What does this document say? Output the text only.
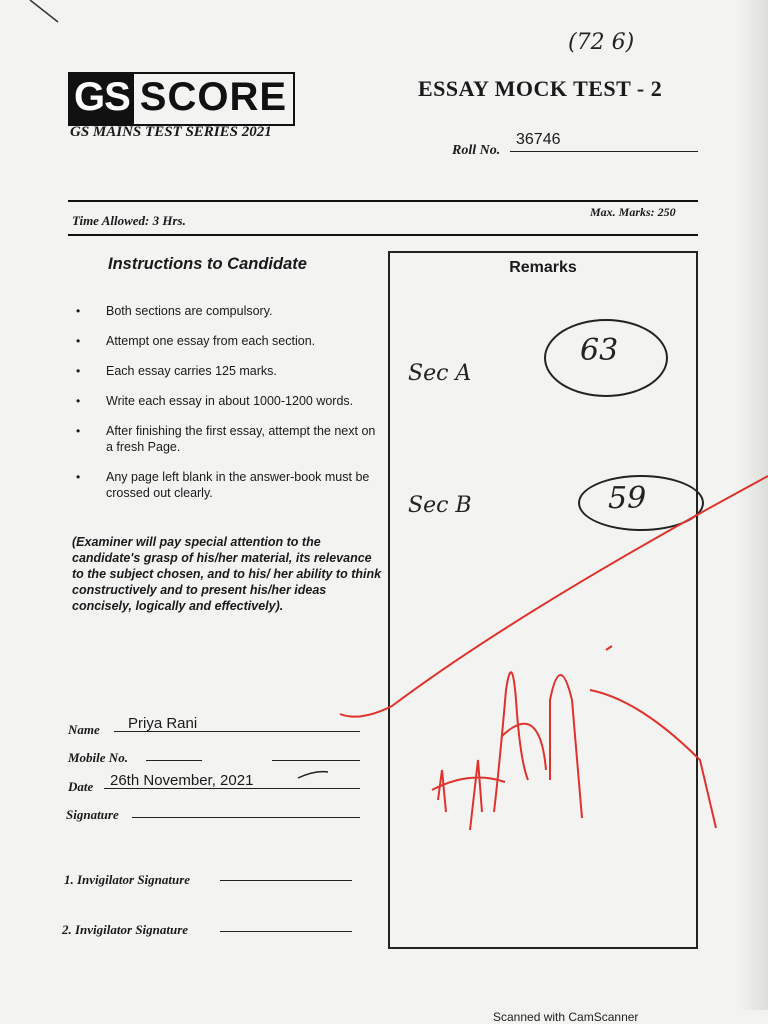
GS SCORE
GS MAINS TEST SERIES 2021
(72 6)
ESSAY MOCK TEST - 2
Roll No.
36746
Time Allowed: 3 Hrs.
Max. Marks: 250
Instructions to Candidate
• Both sections are compulsory.
• Attempt one essay from each section.
• Each essay carries 125 marks.
• Write each essay in about 1000-1200 words.
• After finishing the first essay, attempt the next on a fresh Page.
• Any page left blank in the answer-book must be crossed out clearly.
(Examiner will pay special attention to the candidate's grasp of his/her material, its relevance to the subject chosen, and to his/ her ability to think constructively and to present his/her ideas concisely, logically and effectively).
Remarks
Sec A
63
Sec B	59
Name Priya Rani
Mobile No.
Date 26th November, 2021
Signature
1. Invigilator Signature
2. Invigilator Signature
Scanned with CamScanner
